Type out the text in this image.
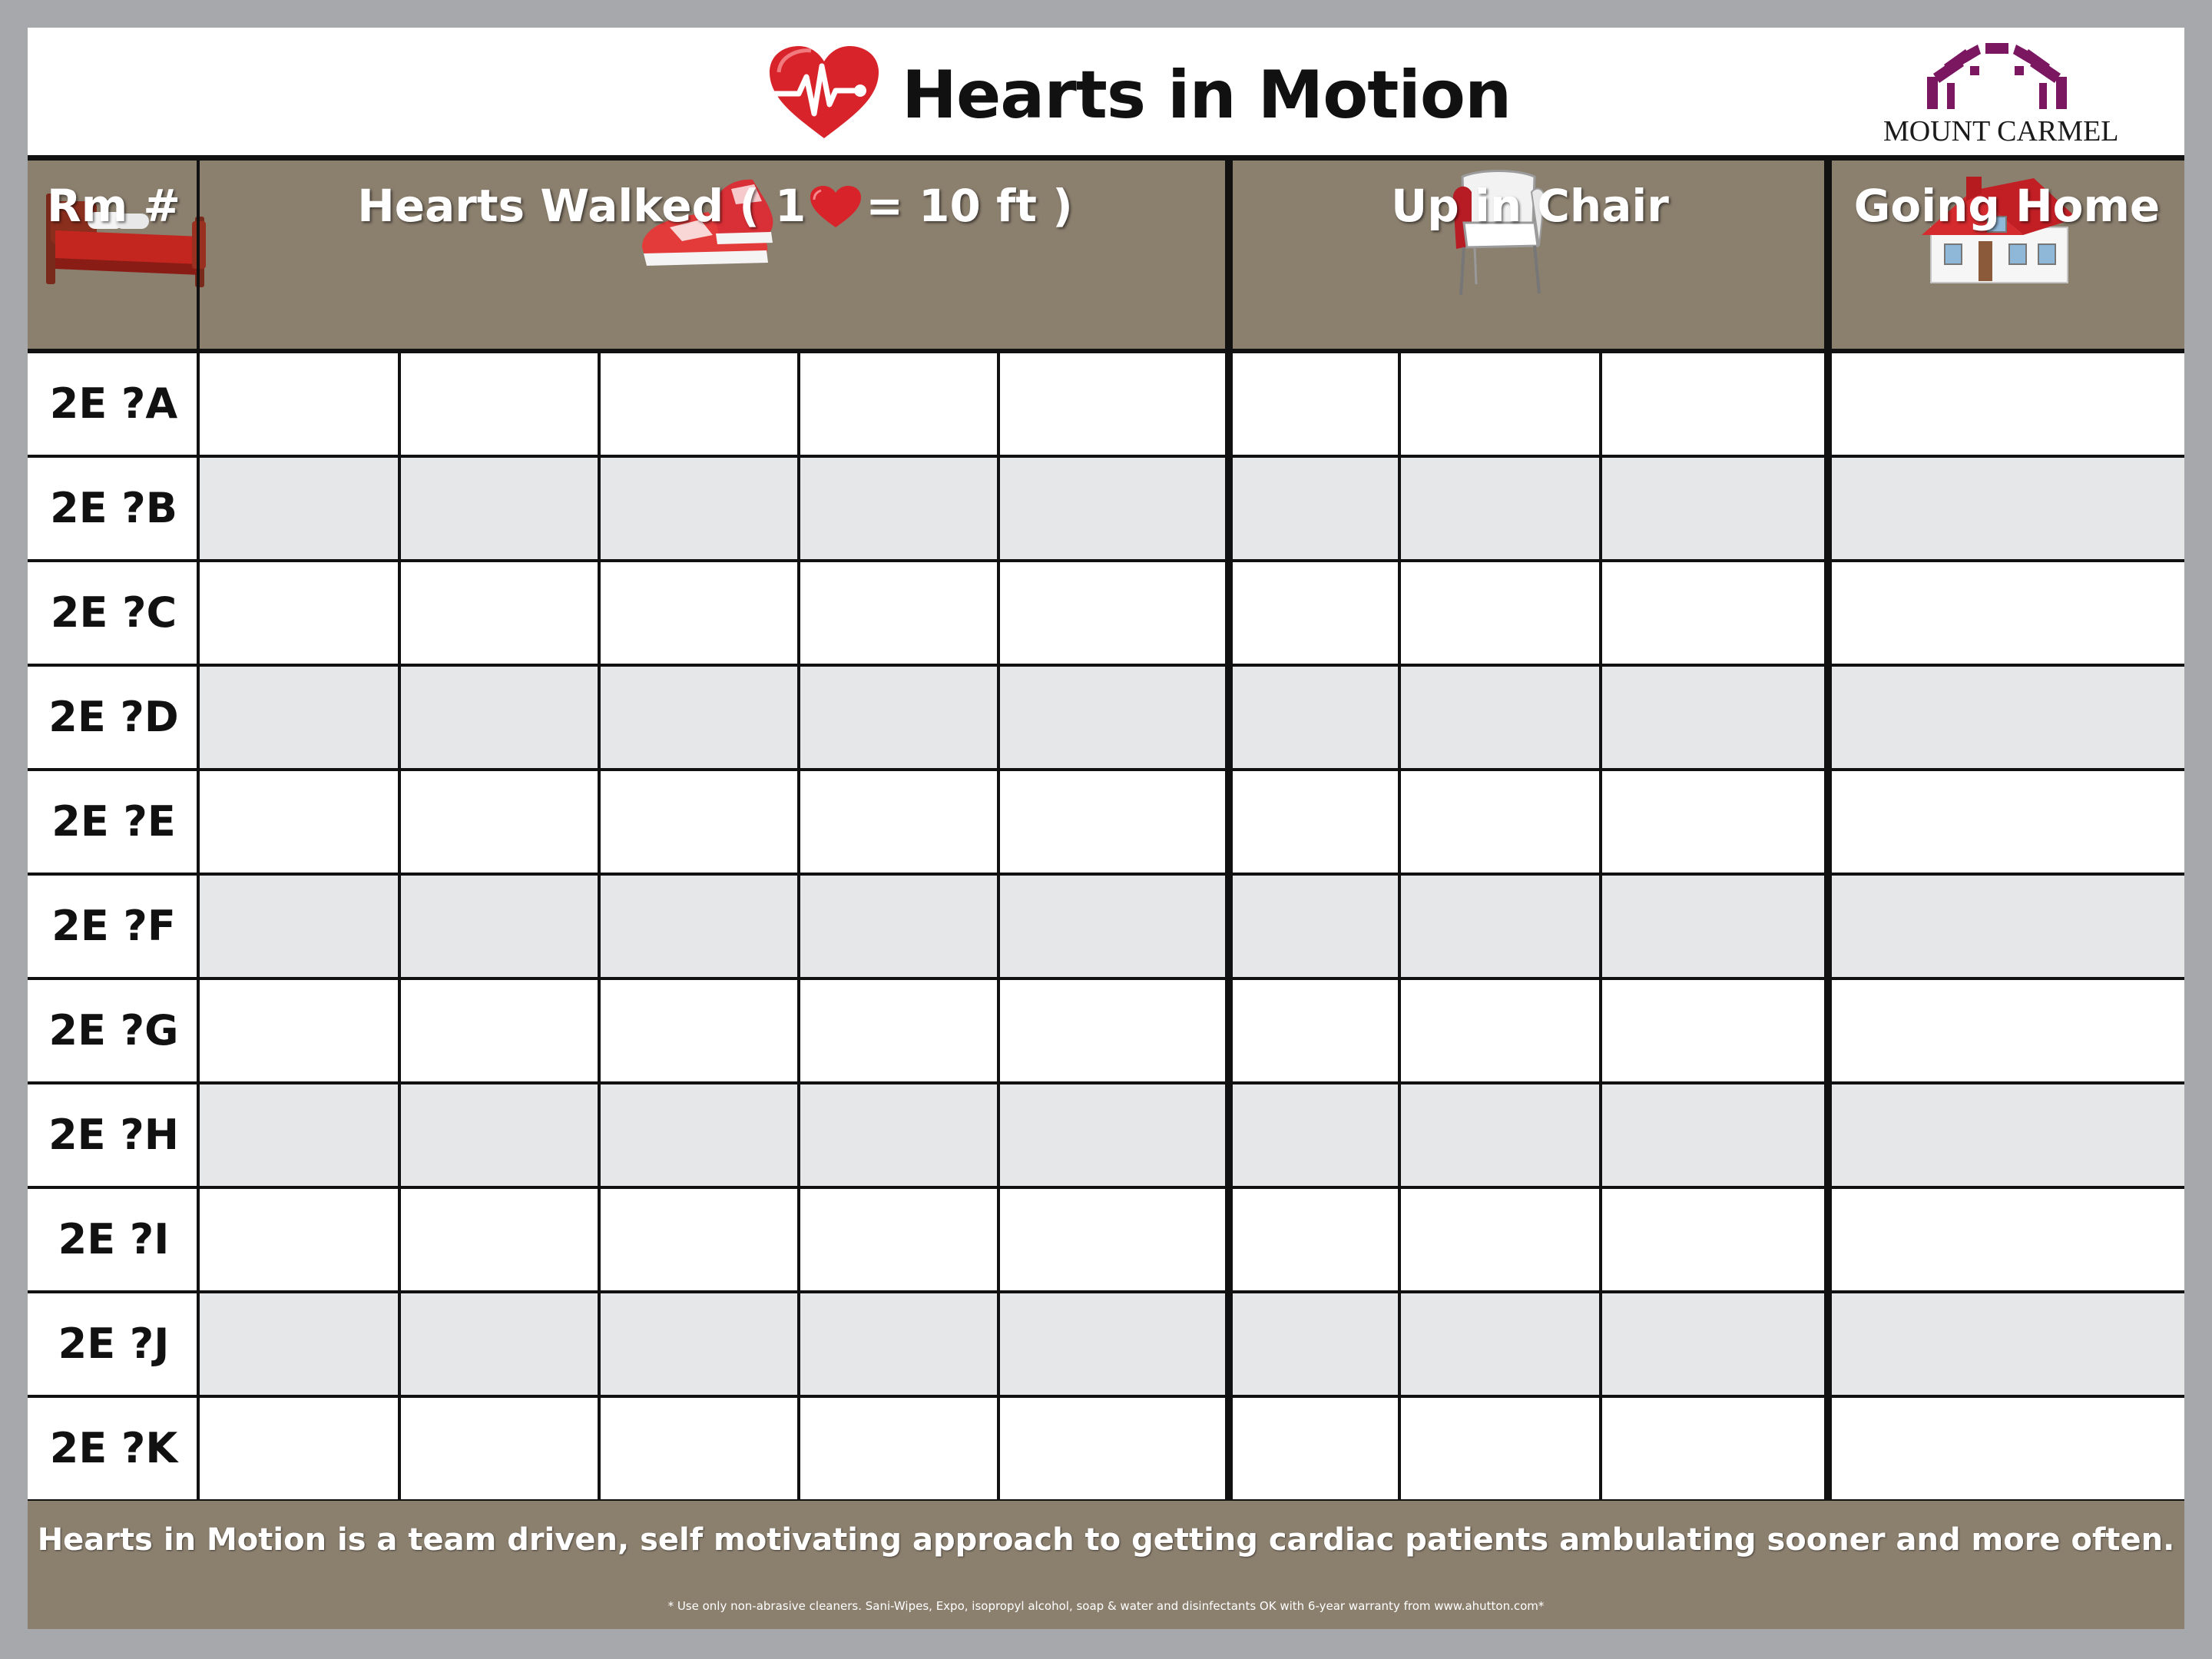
Hearts in Motion	MOUNT CARMEL
Rm #	Hearts Walked ( 1 = 10 ft )	Up in Chair	Going Home
2E ?A
2E ?B
2E ?C
2E ?D
2E ?E
2E ?F
2E ?G
2E ?H
2E ?I
2E ?J
2E ?K
Hearts in Motion is a team driven, self motivating approach to getting cardiac patients ambulating sooner and more often.
* Use only non-abrasive cleaners. Sani-Wipes, Expo, isopropyl alcohol, soap & water and disinfectants OK with 6-year warranty from www.ahutton.com*
